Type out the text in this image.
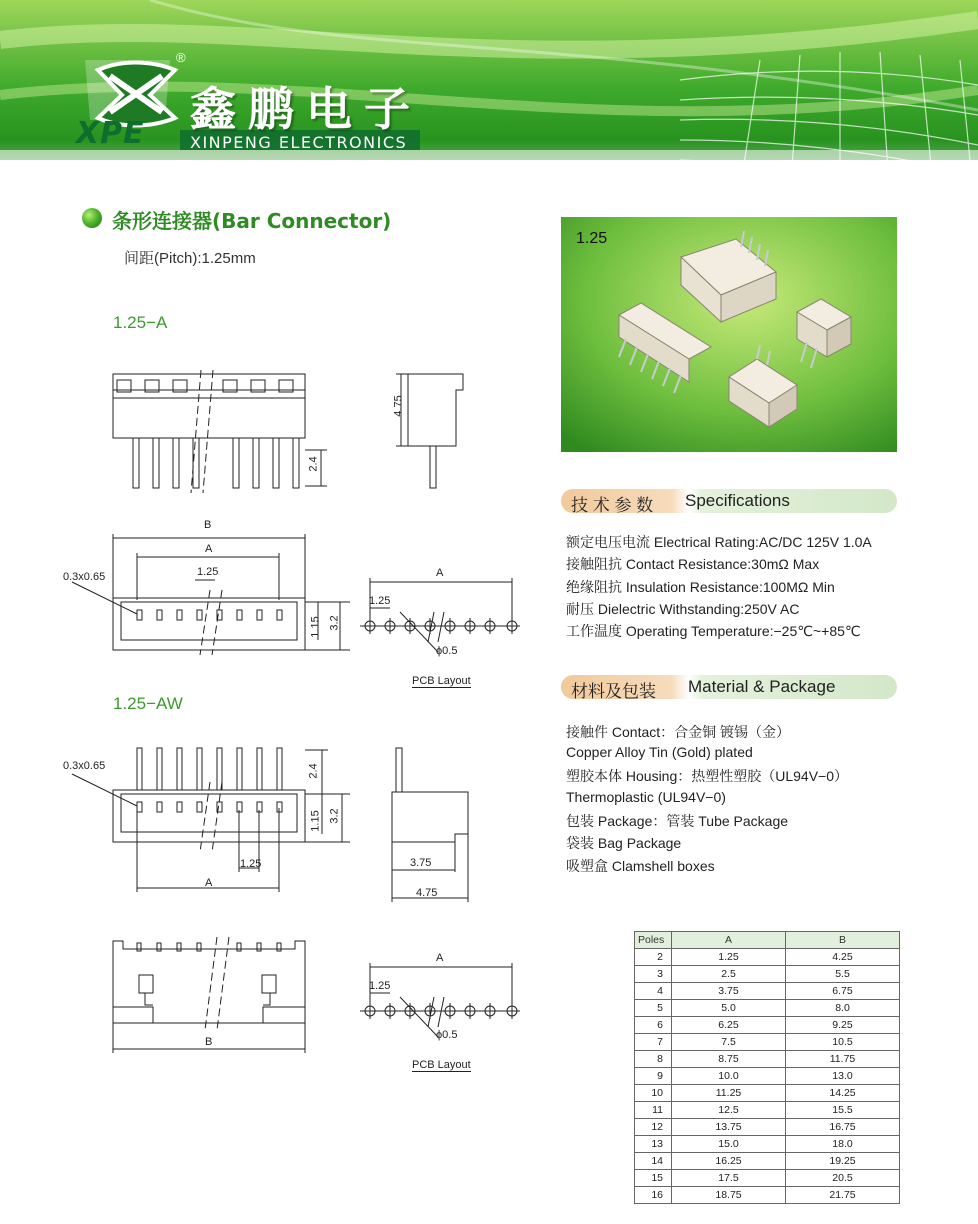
XPE
®
鑫鹏电子
XINPENG ELECTRONICS
条形连接器(Bar Connector)
间距(Pitch):1.25mm
1.25−A
1.25−AW
2.4
4.75
B
A
1.25
0.3x0.65
1.15 3.2
A
1.25
ϕ0.5
PCB Layout
0.3x0.65	2.4
1.15 3.2
1.25
A
3.75
4.75
B
A
1.25
ϕ0.5
PCB Layout
1.25
技 术 参 数 Specifications
额定电压电流 Electrical Rating:AC/DC 125V 1.0A
接触阻抗 Contact Resistance:30mΩ Max
绝缘阻抗 Insulation Resistance:100MΩ Min
耐压 Dielectric Withstanding:250V AC
工作温度 Operating Temperature:−25℃~+85℃
材料及包装 Material & Package
接触件 Contact：合金铜 镀锡（金）
Copper Alloy Tin (Gold) plated
塑胶本体 Housing：热塑性塑胶（UL94V−0）
Thermoplastic (UL94V−0)
包装 Package：管装 Tube Package
袋装 Bag Package
吸塑盒 Clamshell boxes
Poles	A	B
2	1.25	4.25
3	2.5	5.5
4	3.75	6.75
5	5.0	8.0
6	6.25	9.25
7	7.5	10.5
8	8.75	11.75
9	10.0	13.0
10	11.25	14.25
11	12.5	15.5
12	13.75	16.75
13	15.0	18.0
14	16.25	19.25
15	17.5	20.5
16	18.75	21.75
